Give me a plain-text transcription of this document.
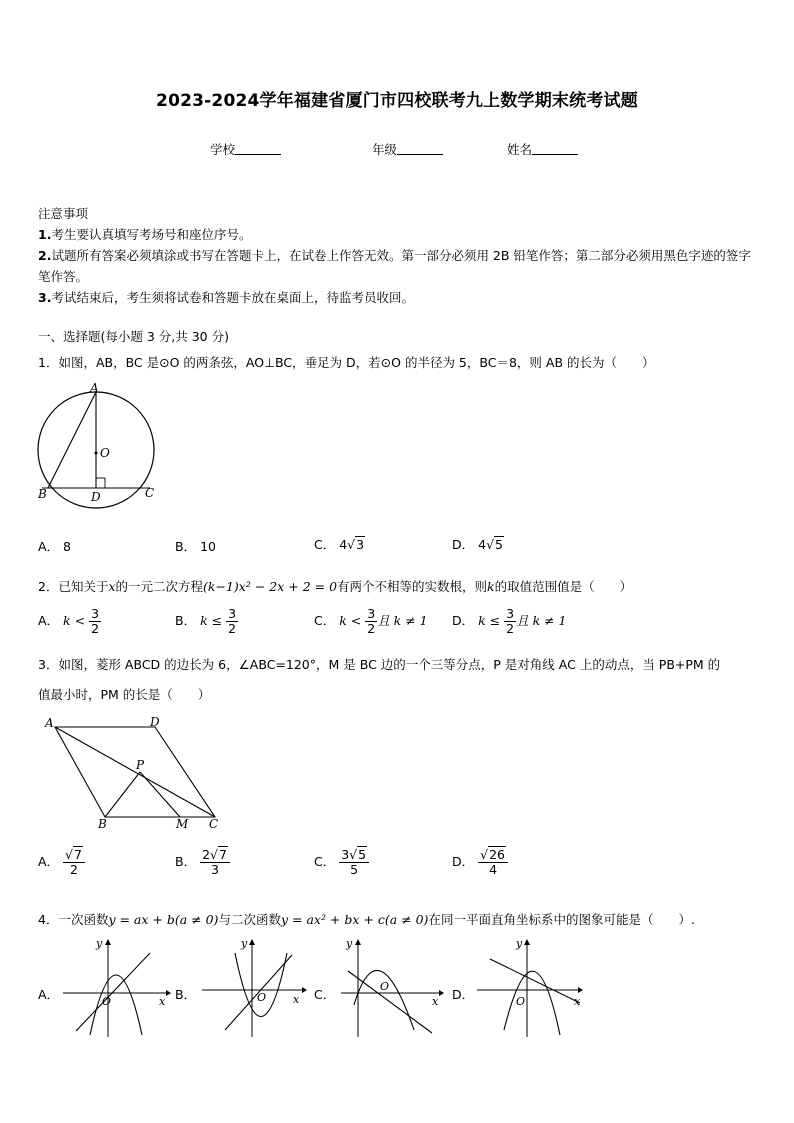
2023-2024学年福建省厦门市四校联考九上数学期末统考试题
学校	年级	姓名
注意事项
1.考生要认真填写考场号和座位序号。
2.试题所有答案必须填涂或书写在答题卡上，在试卷上作答无效。第一部分必须用 2B 铅笔作答；第二部分必须用黑色字迹的签字笔作答。
3.考试结束后，考生须将试卷和答题卡放在桌面上，待监考员收回。
一、选择题(每小题 3 分,共 30 分)
1．如图，AB，BC 是⊙O 的两条弦，AO⊥BC，垂足为 D，若⊙O 的半径为 5，BC＝8，则 AB 的长为（　　）
A
O
B	D	C
A． 8	B． 10	C． 4√3	D． 4√5
2．已知关于x的一元二次方程(k−1)x² − 2x + 2 = 0有两个不相等的实数根，则k的取值范围值是（　　）
A． $k < \frac{3}{2}$	B． $k \le \frac{3}{2}$	C． $k < \frac{3}{2}$ 且 k ≠ 1 D． $k \le \frac{3}{2}$ 且 k ≠ 1
3．如图，菱形 ABCD 的边长为 6，∠ABC=120°，M 是 BC 边的一个三等分点，P 是对角线 AC 上的动点，当 PB+PM 的
值最小时，PM 的长是（　　）
A	D
P
B	M C
A． $\frac{√7}{2}$	B． $\frac{2√7}{3}$	C． $\frac{3√5}{5}$	D． $\frac{√26}{4}$
4．一次函数y = ax + b(a ≠ 0)与二次函数y = ax² + bx + c(a ≠ 0)在同一平面直角坐标系中的图象可能是（　　）.
A．	x
y
O	B．	x
y
O	C．	x
y
O
D．	x
y
O
